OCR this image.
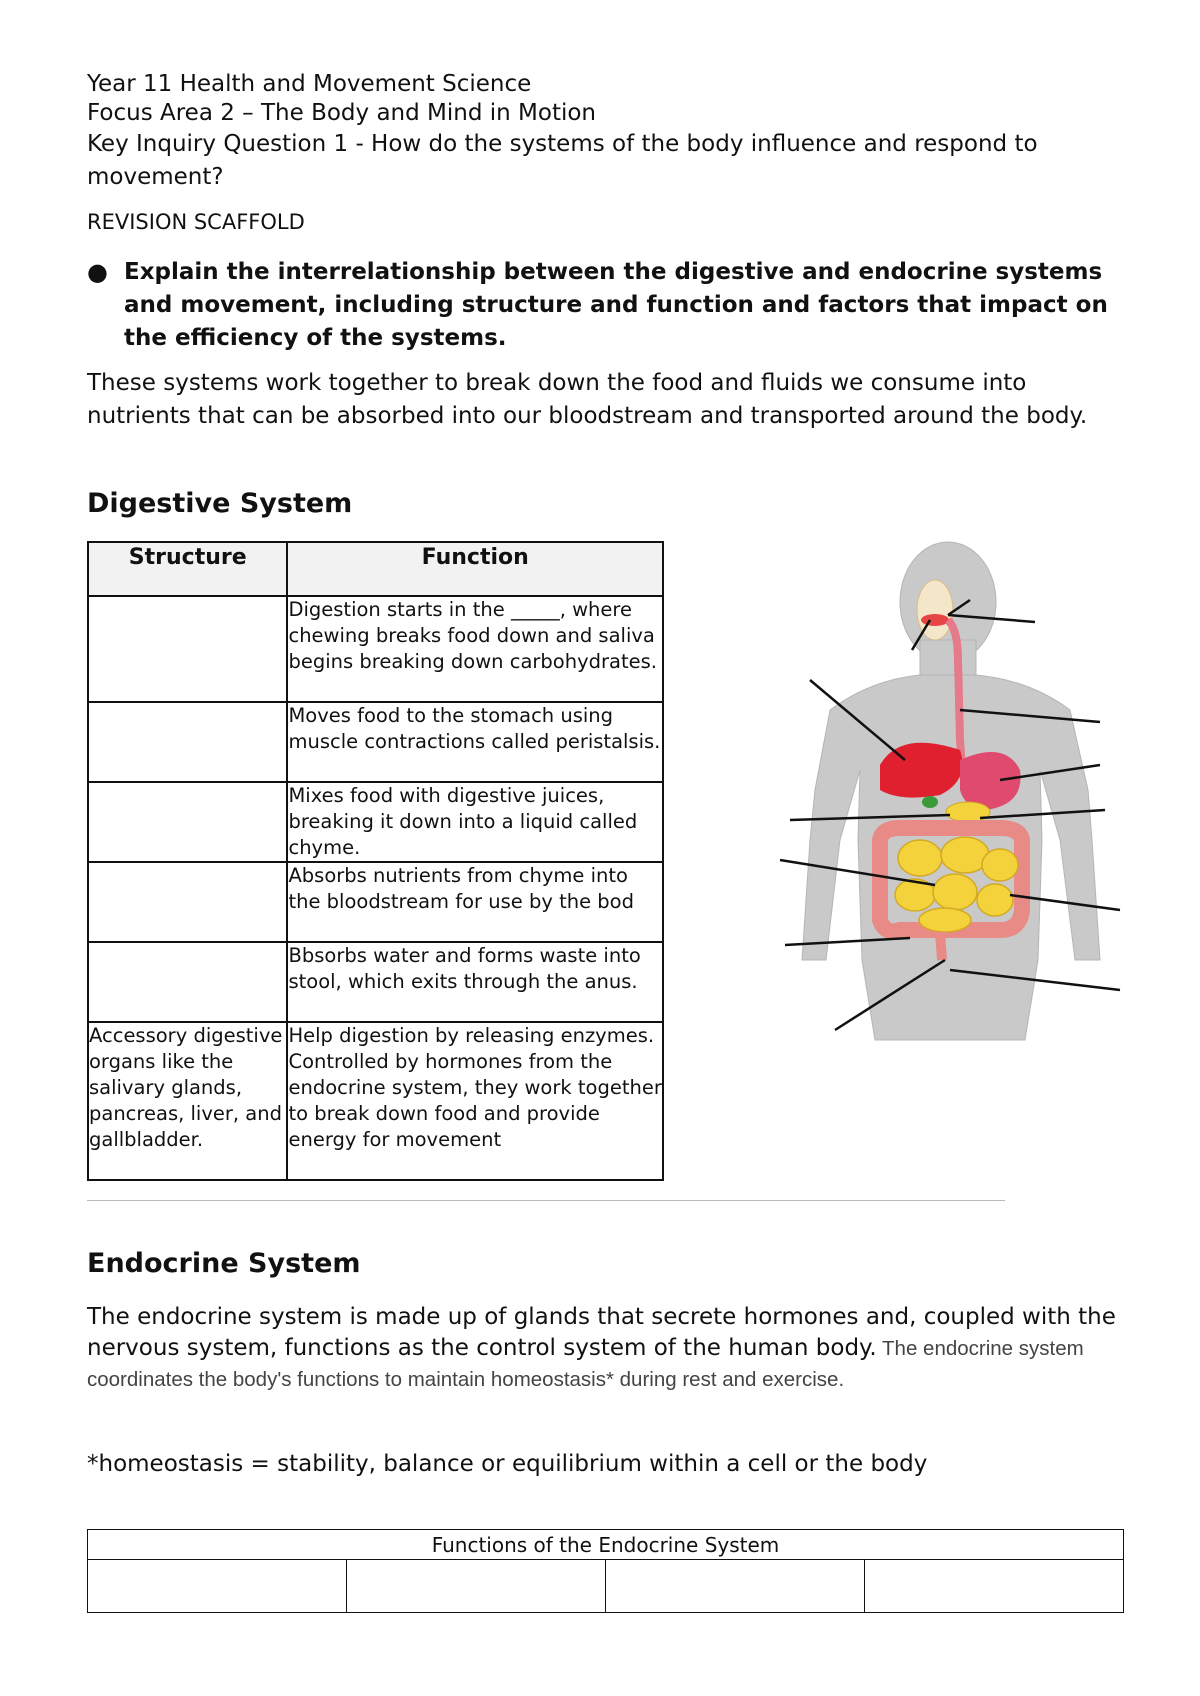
Year 11 Health and Movement Science

Focus Area 2 – The Body and Mind in Motion

Key Inquiry Question 1 - How do the systems of the body influence and respond to movement?

REVISION SCAFFOLD

● Explain the interrelationship between the digestive and endocrine systems and movement, including structure and function and factors that impact on the efficiency of the systems.
These systems work together to break down the food and fluids we consume into nutrients that can be absorbed into our bloodstream and transported around the body.
Digestive System
Structure	Function
	Digestion starts in the _____, where chewing breaks food down and saliva begins breaking down carbohydrates.
	Moves food to the stomach using muscle contractions called peristalsis.
	Mixes food with digestive juices, breaking it down into a liquid called chyme.
	Absorbs nutrients from chyme into the bloodstream for use by the bod
	Bbsorbs water and forms waste into stool, which exits through the anus.
Accessory digestive organs like the salivary glands, pancreas, liver, and gallbladder.	Help digestion by releasing enzymes.
Controlled by hormones from the endocrine system, they work together to break down food and provide energy for movement
Endocrine System
The endocrine system is made up of glands that secrete hormones and, coupled with the nervous system, functions as the control system of the human body. The endocrine system coordinates the body's functions to maintain homeostasis* during rest and exercise.
*homeostasis = stability, balance or equilibrium within a cell or the body
Functions of the Endocrine System
